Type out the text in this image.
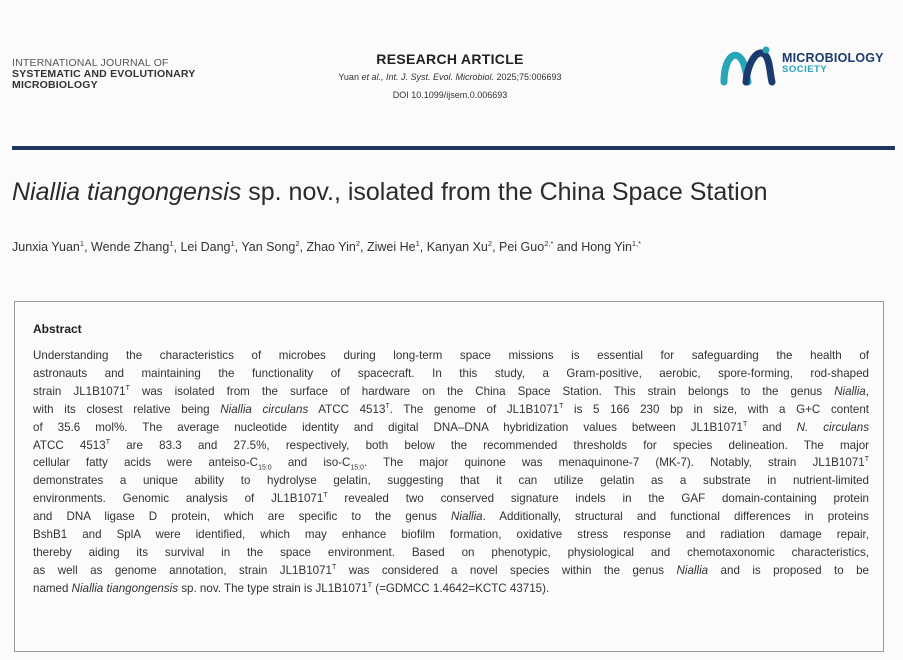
INTERNATIONAL JOURNAL OF
SYSTEMATIC AND EVOLUTIONARY
MICROBIOLOGY
RESEARCH ARTICLE
Yuan et al., Int. J. Syst. Evol. Microbiol. 2025;75:006693
DOI 10.1099/ijsem.0.006693
MICROBIOLOGY
SOCIETY
Niallia tiangongensis sp. nov., isolated from the China Space Station
Junxia Yuan$^1$, Wende Zhang$^1$, Lei Dang$^1$, Yan Song$^2$, Zhao Yin$^2$, Ziwei He$^1$, Kanyan Xu$^2$, Pei Guo$^{2,*}$ and Hong Yin$^{1,*}$
Abstract
Understanding the characteristics of microbes during long-term space missions is essential for safeguarding the health of
astronauts and maintaining the functionality of spacecraft. In this study, a Gram-positive, aerobic, spore-forming, rod-shaped
strain $JL1B1071^T$ was isolated from the surface of hardware on the China Space Station. This strain belongs to the genus Niallia,
with its closest relative being Niallia circulans ATCC $4513^T$. The genome of $JL1B1071^T$ is 5 166 230 bp in size, with a G+C content
of 35.6 mol%. The average nucleotide identity and digital DNA–DNA hybridization values between $JL1B1071^T$ and N. circulans
ATCC $4513^T$ are 83.3 and 27.5%, respectively, both below the recommended thresholds for species delineation. The major
cellular fatty acids were anteiso-$C_{15:0}$ and iso-$C_{15:0}$. The major quinone was menaquinone-7 (MK-7). Notably, strain $JL1B1071^T$
demonstrates a unique ability to hydrolyse gelatin, suggesting that it can utilize gelatin as a substrate in nutrient-limited
environments. Genomic analysis of $JL1B1071^T$ revealed two conserved signature indels in the GAF domain-containing protein
and DNA ligase D protein, which are specific to the genus Niallia. Additionally, structural and functional differences in proteins
BshB1 and SplA were identified, which may enhance biofilm formation, oxidative stress response and radiation damage repair,
thereby aiding its survival in the space environment. Based on phenotypic, physiological and chemotaxonomic characteristics,
as well as genome annotation, strain $JL1B1071^T$ was considered a novel species within the genus Niallia and is proposed to be
named Niallia tiangongensis sp. nov. The type strain is $JL1B1071^T$ (=GDMCC 1.4642=KCTC 43715).
